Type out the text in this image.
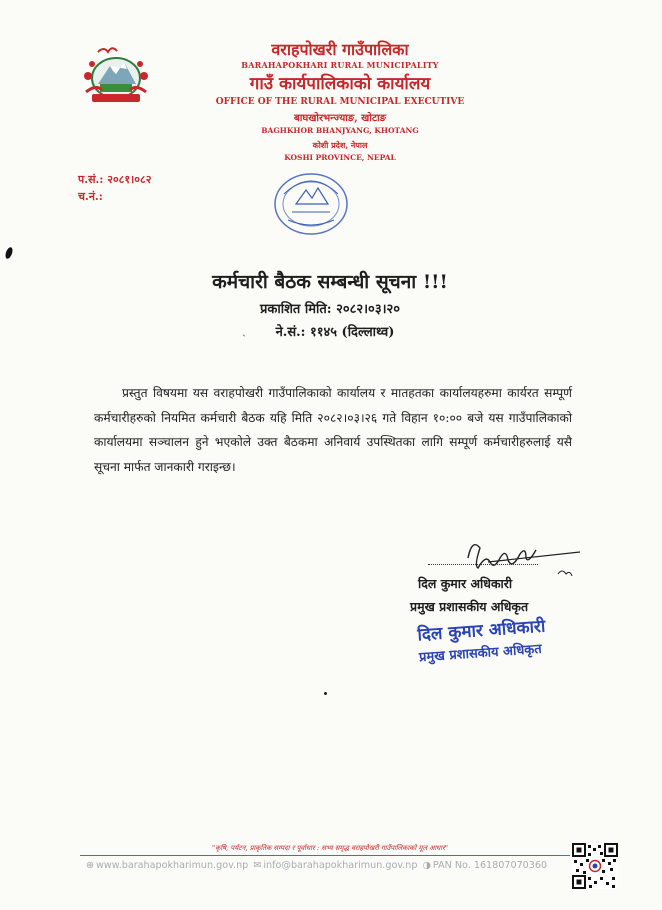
वराहपोखरी गाउँपालिका
BARAHAPOKHARI RURAL MUNICIPALITY
गाउँ कार्यपालिकाको कार्यालय
OFFICE OF THE RURAL MUNICIPAL EXECUTIVE
बाघखोरभन्ज्याङ, खोटाङ
BAGHKHOR BHANJYANG, KHOTANG
कोशी प्रदेश, नेपाल
KOSHI PROVINCE, NEPAL
प.सं.: २०८१।०८२
च.नं.:
कर्मचारी बैठक सम्बन्धी सूचना !!!
प्रकाशित मिति: २०८२।०३।२०
ˏ	ने.सं.: ११४५ (दिल्लाथ्व)
प्रस्तुत विषयमा यस वराहपोखरी गाउँपालिकाको कार्यालय र मातहतका कार्यालयहरुमा कार्यरत सम्पूर्ण कर्मचारीहरुको नियमित कर्मचारी बैठक यहि मिति २०८२।०३।२६ गते विहान १०:०० बजे यस गाउँपालिकाको कार्यालयमा सञ्चालन हुने भएकोले उक्त बैठकमा अनिवार्य उपस्थितका लागि सम्पूर्ण कर्मचारीहरुलाई यसै सूचना मार्फत जानकारी गराइन्छ।
दिल कुमार अधिकारी
प्रमुख प्रशासकीय अधिकृत
दिल कुमार अधिकारी
प्रमुख प्रशासकीय अधिकृत
"कृषि, पर्यटन, प्राकृतिक सम्पदा र पूर्वाधार : सभ्य समृद्ध वराहपोखरी गाउँपालिकाको मूल आधार"
⊕ www.barahapokharimun.gov.np ✉ info@barahapokharimun.gov.np ◑ PAN No. 161807070360
